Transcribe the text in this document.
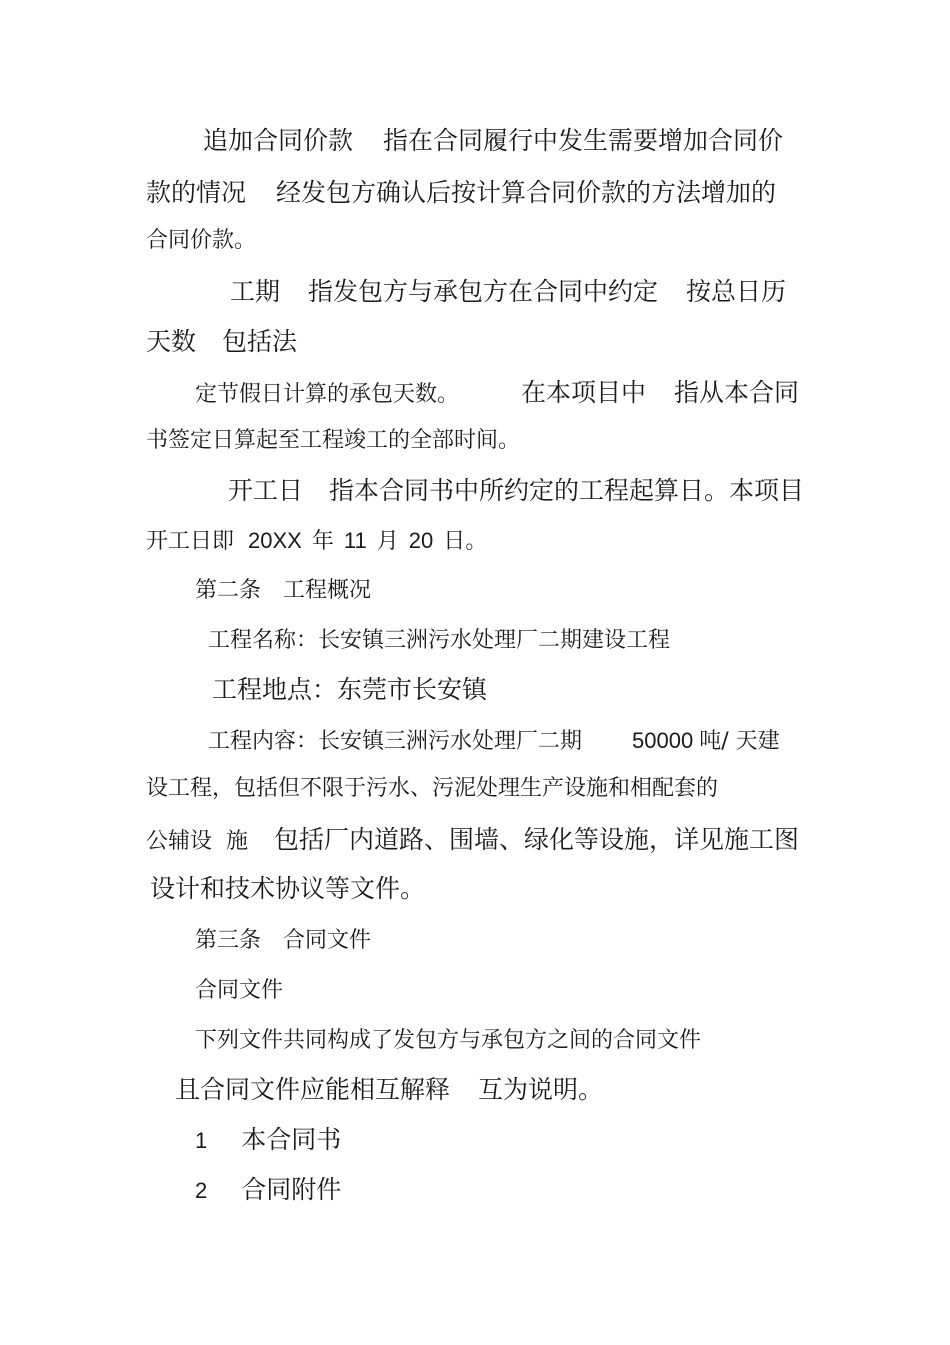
追加合同价款 指在合同履行中发生需要增加合同价
款的情况 经发包方确认后按计算合同价款的方法增加的
合同价款。
工期 指发包方与承包方在合同中约定 按总日历
天数 包括法
定节假日计算的承包天数。 在本项目中 指从本合同
书签定日算起至工程竣工的全部时间。
开工日 指本合同书中所约定的工程起算日。本项目
开工日即 20XX 年 11 月 20 日。
第二条 工程概况
工程名称：长安镇三洲污水处理厂二期建设工程
工程地点：东莞市长安镇
工程内容：长安镇三洲污水处理厂二期 50000 吨/ 天建
设工程，包括但不限于污水、污泥处理生产设施和相配套的
公辅设 施 包括厂内道路、围墙、绿化等设施，详见施工图
设计和技术协议等文件。
第三条 合同文件
合同文件
下列文件共同构成了发包方与承包方之间的合同文件
且合同文件应能相互解释 互为说明。
1 本合同书
2 合同附件
